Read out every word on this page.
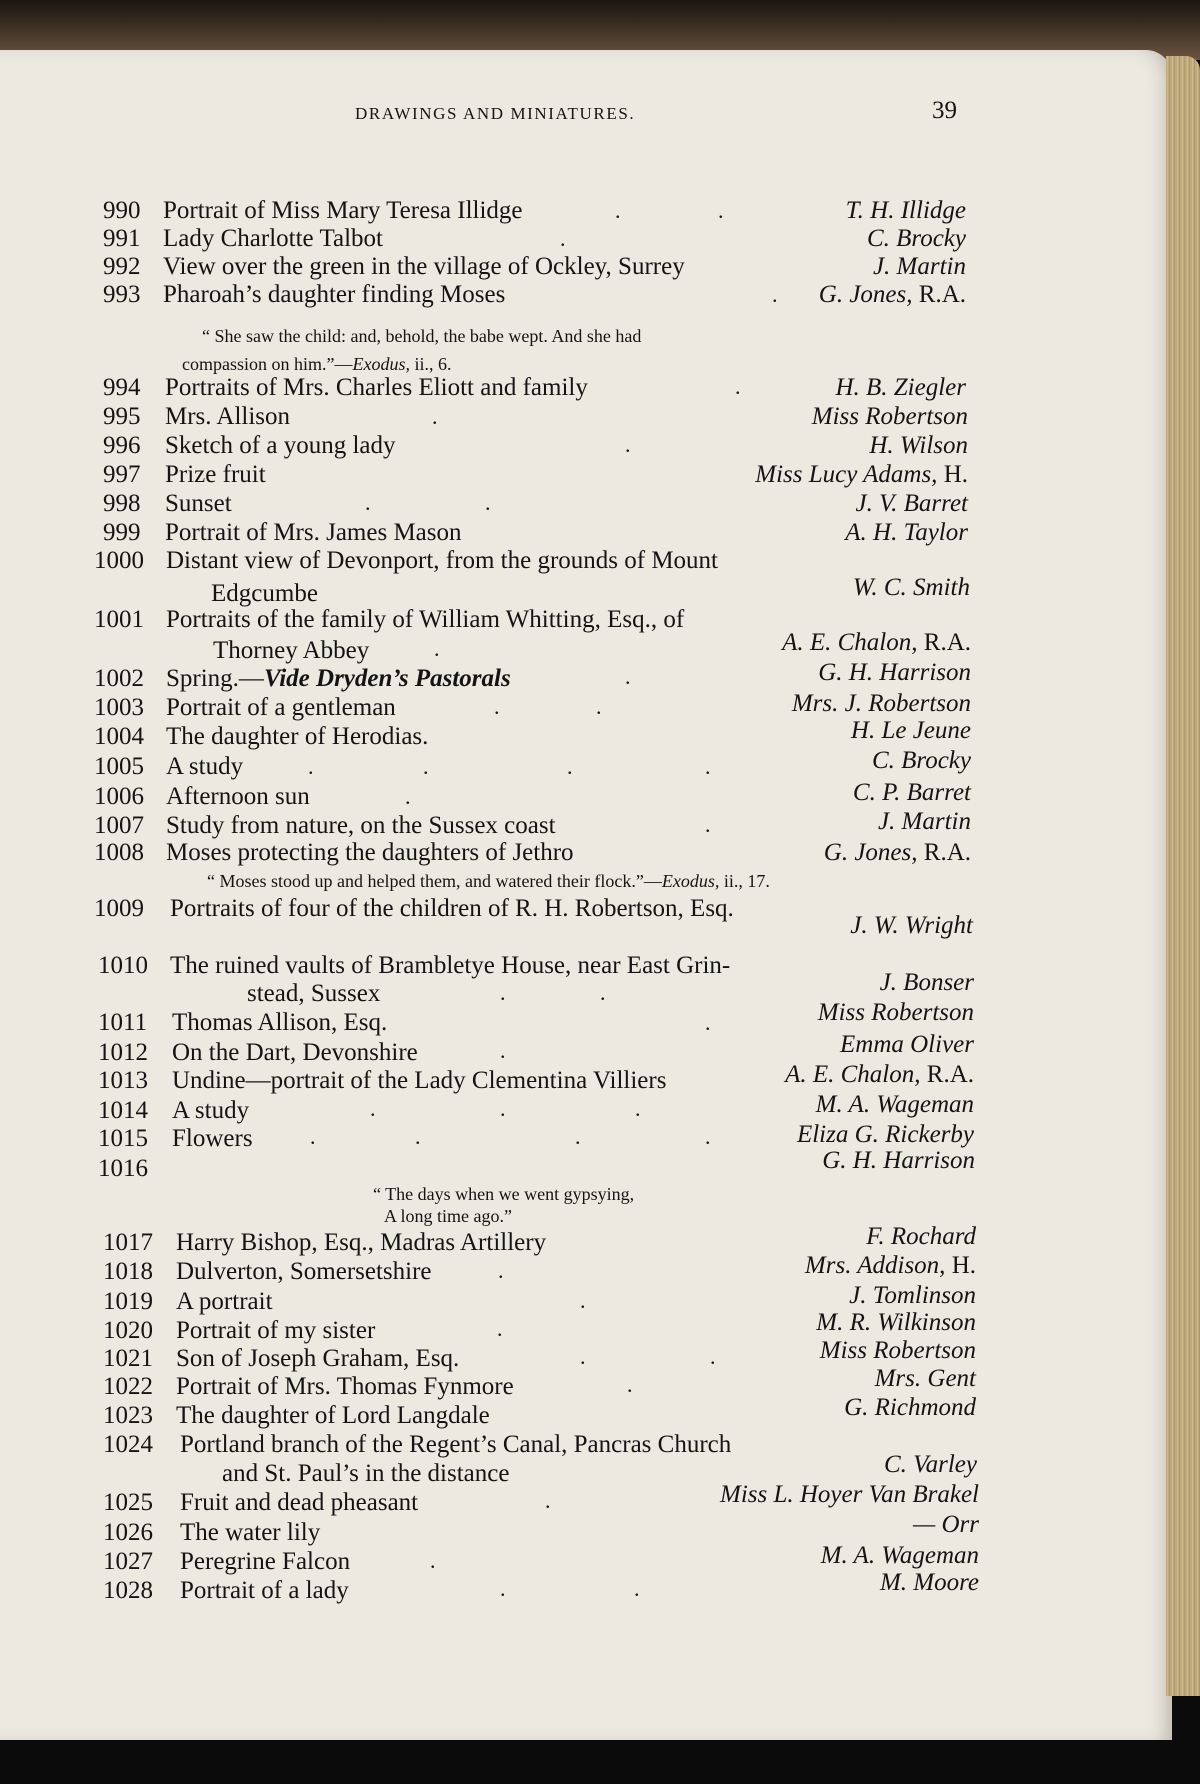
DRAWINGS AND MINIATURES.	39
990 Portrait of Miss Mary Teresa Illidge	T. H. Illidge
991 Lady Charlotte Talbot	C. Brocky
992 View over the green in the village of Ockley, Surrey	J. Martin
993 Pharoah’s daughter finding Moses	G. Jones, R.A.
“ She saw the child: and, behold, the babe wept. And she had
compassion on him.”—Exodus, ii., 6.
994 Portraits of Mrs. Charles Eliott and family	H. B. Ziegler
995 Mrs. Allison	Miss Robertson
996 Sketch of a young lady	H. Wilson
997 Prize fruit	Miss Lucy Adams, H.
998 Sunset	J. V. Barret
999 Portrait of Mrs. James Mason	A. H. Taylor
1000 Distant view of Devonport, from the grounds of Mount
Edgcumbe	W. C. Smith
1001 Portraits of the family of William Whitting, Esq., of
Thorney Abbey	A. E. Chalon, R.A.
1002 Spring.—Vide Dryden’s Pastorals	G. H. Harrison
1003 Portrait of a gentleman	Mrs. J. Robertson
1004 The daughter of Herodias.	H. Le Jeune
1005 A study	C. Brocky
1006 Afternoon sun	C. P. Barret
1007 Study from nature, on the Sussex coast	J. Martin
1008 Moses protecting the daughters of Jethro	G. Jones, R.A.
“ Moses stood up and helped them, and watered their flock.”—Exodus, ii., 17.
1009 Portraits of four of the children of R. H. Robertson, Esq.
J. W. Wright
1010 The ruined vaults of Brambletye House, near East Grin-
stead, Sussex	J. Bonser
1011 Thomas Allison, Esq.	Miss Robertson
1012 On the Dart, Devonshire	Emma Oliver
1013 Undine—portrait of the Lady Clementina Villiers	A. E. Chalon, R.A.
1014 A study	M. A. Wageman
1015 Flowers	Eliza G. Rickerby
1016	G. H. Harrison
“ The days when we went gypsying,
A long time ago.”
1017 Harry Bishop, Esq., Madras Artillery	F. Rochard
1018 Dulverton, Somersetshire	Mrs. Addison, H.
1019 A portrait	J. Tomlinson
1020 Portrait of my sister	M. R. Wilkinson
1021 Son of Joseph Graham, Esq.	Miss Robertson
1022 Portrait of Mrs. Thomas Fynmore	Mrs. Gent
1023 The daughter of Lord Langdale	G. Richmond
1024 Portland branch of the Regent’s Canal, Pancras Church
and St. Paul’s in the distance	C. Varley
1025 Fruit and dead pheasant	Miss L. Hoyer Van Brakel
1026 The water lily	— Orr
1027 Peregrine Falcon	M. A. Wageman
1028 Portrait of a lady	M. Moore
.	.
.
.
.
.
.
.	.
.
.
.	.
.	.	.	.
.
.
.	.
.
.
.	.	.
.	.	.	.
.
.
.
.	.
.
.
.
.	.
